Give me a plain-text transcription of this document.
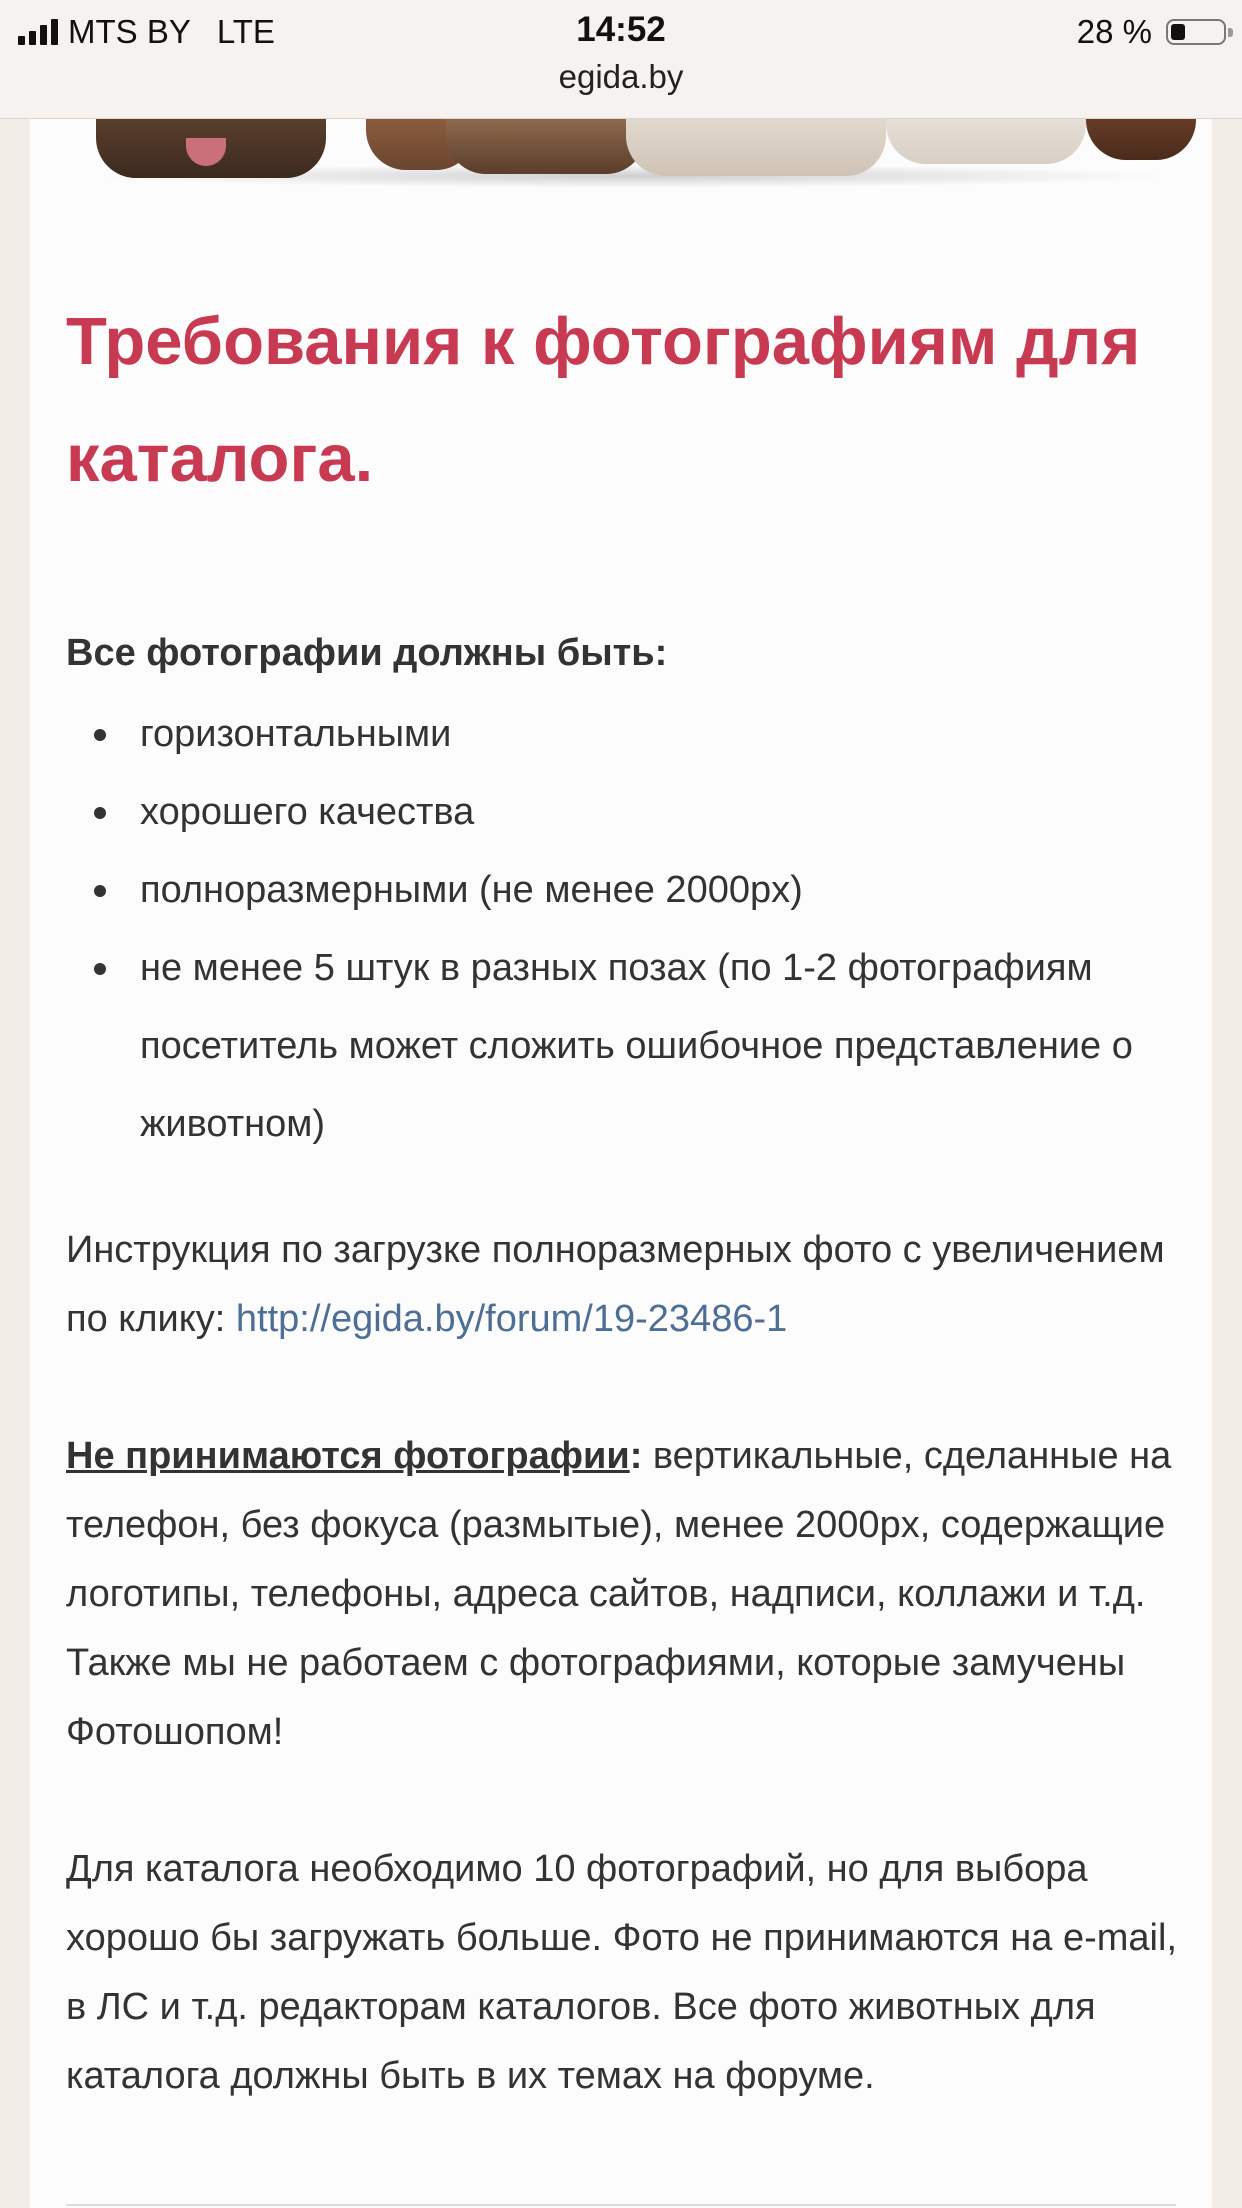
MTS BY LTE	14:52	28 %
egida.by
Требования к фотографиям для каталога.

Все фотографии должны быть:

горизонтальными
хорошего качества
полноразмерными (не менее 2000px)
не менее 5 штук в разных позах (по 1-2 фотографиям посетитель может сложить ошибочное представление о животном)

Инструкция по загрузке полноразмерных фото с увеличением по клику: http://egida.by/forum/19-23486-1

Не принимаются фотографии: вертикальные, сделанные на телефон, без фокуса (размытые), менее 2000px, содержащие логотипы, телефоны, адреса сайтов, надписи, коллажи и т.д. Также мы не работаем с фотографиями, которые замучены Фотошопом!

Для каталога необходимо 10 фотографий, но для выбора хорошо бы загружать больше. Фото не принимаются на e-mail, в ЛС и т.д. редакторам каталогов. Все фото животных для каталога должны быть в их темах на форуме.
